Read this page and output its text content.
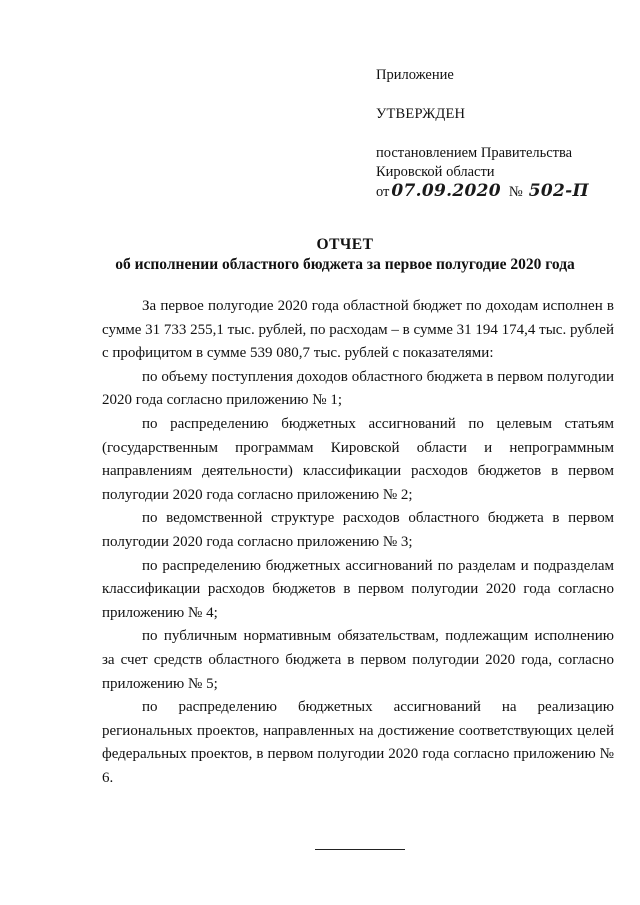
Приложение

УТВЕРЖДЕН

постановлением Правительства

Кировской области

от 07.09.2020 № 502-П

ОТЧЕТ
об исполнении областного бюджета за первое полугодие 2020 года

За первое полугодие 2020 года областной бюджет по доходам исполнен в сумме 31 733 255,1 тыс. рублей, по расходам – в сумме 31 194 174,4 тыс. рублей с профицитом в сумме 539 080,7 тыс. рублей с показателями:

по объему поступления доходов областного бюджета в первом полугодии 2020 года согласно приложению № 1;

по распределению бюджетных ассигнований по целевым статьям (государственным программам Кировской области и непрограммным направлениям деятельности) классификации расходов бюджетов в первом полугодии 2020 года согласно приложению № 2;

по ведомственной структуре расходов областного бюджета в первом полугодии 2020 года согласно приложению № 3;

по распределению бюджетных ассигнований по разделам и подразделам классификации расходов бюджетов в первом полугодии 2020 года согласно приложению № 4;

по публичным нормативным обязательствам, подлежащим исполнению за счет средств областного бюджета в первом полугодии 2020 года, согласно приложению № 5;

по распределению бюджетных ассигнований на реализацию региональных проектов, направленных на достижение соответствующих целей федеральных проектов, в первом полугодии 2020 года согласно приложению № 6.
